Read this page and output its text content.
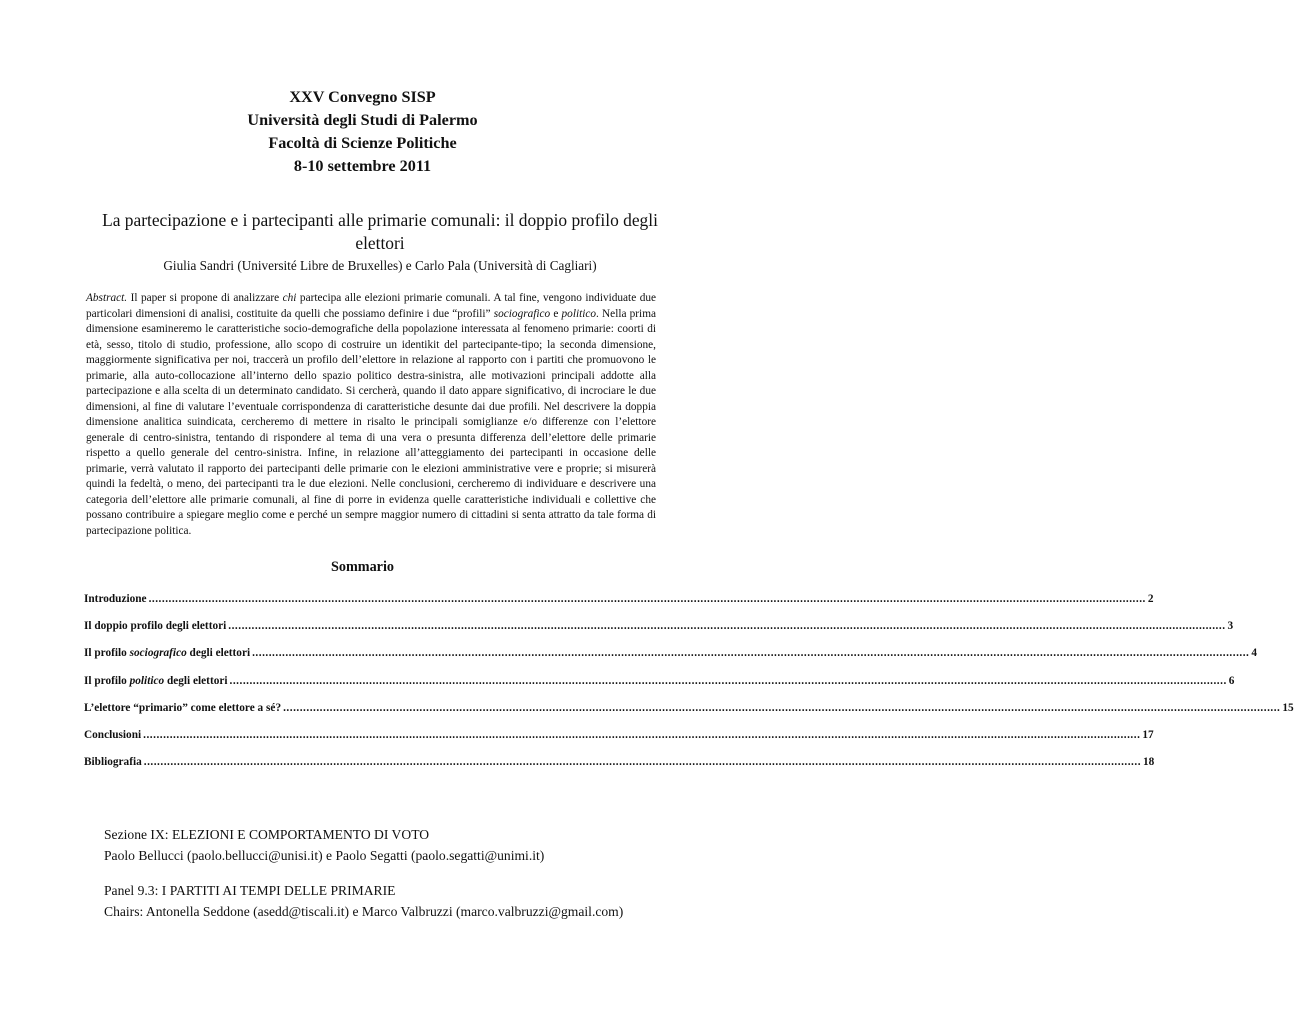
XXV Convegno SISP
Università degli Studi di Palermo
Facoltà di Scienze Politiche
8-10 settembre 2011
La partecipazione e i partecipanti alle primarie comunali: il doppio profilo degli elettori
Giulia Sandri (Université Libre de Bruxelles) e Carlo Pala (Università di Cagliari)
Abstract. Il paper si propone di analizzare chi partecipa alle elezioni primarie comunali. A tal fine, vengono individuate due particolari dimensioni di analisi, costituite da quelli che possiamo definire i due “profili” sociografico e politico. Nella prima dimensione esamineremo le caratteristiche socio-demografiche della popolazione interessata al fenomeno primarie: coorti di età, sesso, titolo di studio, professione, allo scopo di costruire un identikit del partecipante-tipo; la seconda dimensione, maggiormente significativa per noi, traccerà un profilo dell’elettore in relazione al rapporto con i partiti che promuovono le primarie, alla auto-collocazione all’interno dello spazio politico destra-sinistra, alle motivazioni principali addotte alla partecipazione e alla scelta di un determinato candidato. Si cercherà, quando il dato appare significativo, di incrociare le due dimensioni, al fine di valutare l’eventuale corrispondenza di caratteristiche desunte dai due profili. Nel descrivere la doppia dimensione analitica suindicata, cercheremo di mettere in risalto le principali somiglianze e/o differenze con l’elettore generale di centro-sinistra, tentando di rispondere al tema di una vera o presunta differenza dell’elettore delle primarie rispetto a quello generale del centro-sinistra. Infine, in relazione all’atteggiamento dei partecipanti in occasione delle primarie, verrà valutato il rapporto dei partecipanti delle primarie con le elezioni amministrative vere e proprie; si misurerà quindi la fedeltà, o meno, dei partecipanti tra le due elezioni. Nelle conclusioni, cercheremo di individuare e descrivere una categoria dell’elettore alle primarie comunali, al fine di porre in evidenza quelle caratteristiche individuali e collettive che possano contribuire a spiegare meglio come e perché un sempre maggior numero di cittadini si senta attratto da tale forma di partecipazione politica.
Sommario
Introduzione ............................................................................................................................................................................................................................................................................................................ 2
Il doppio profilo degli elettori ............................................................................................................................................................................................................................................................................................................ 3
Il profilo sociografico degli elettori ............................................................................................................................................................................................................................................................................................................ 4
Il profilo politico degli elettori ............................................................................................................................................................................................................................................................................................................ 6
L’elettore “primario” come elettore a sé? ............................................................................................................................................................................................................................................................................................................ 15
Conclusioni ............................................................................................................................................................................................................................................................................................................ 17
Bibliografia ............................................................................................................................................................................................................................................................................................................ 18
Sezione IX: ELEZIONI E COMPORTAMENTO DI VOTO
Paolo Bellucci (paolo.bellucci@unisi.it) e Paolo Segatti (paolo.segatti@unimi.it)
Panel 9.3: I PARTITI AI TEMPI DELLE PRIMARIE
Chairs: Antonella Seddone (asedd@tiscali.it) e Marco Valbruzzi (marco.valbruzzi@gmail.com)
